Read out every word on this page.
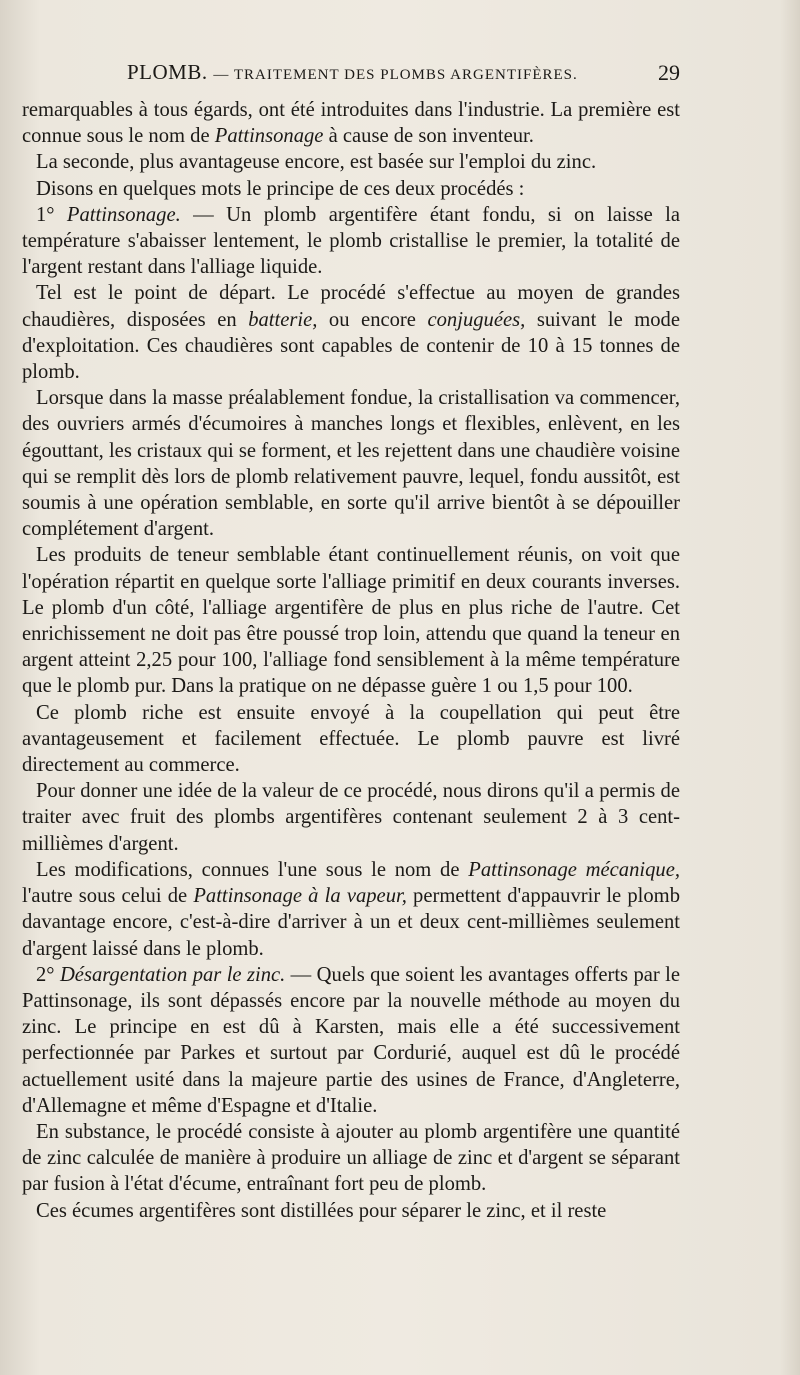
PLOMB. — TRAITEMENT DES PLOMBS ARGENTIFÈRES.	29

remarquables à tous égards, ont été introduites dans l'industrie. La première est connue sous le nom de Pattinsonage à cause de son inventeur.

La seconde, plus avantageuse encore, est basée sur l'emploi du zinc.

Disons en quelques mots le principe de ces deux procédés :

1° Pattinsonage. — Un plomb argentifère étant fondu, si on laisse la température s'abaisser lentement, le plomb cristallise le premier, la totalité de l'argent restant dans l'alliage liquide.

Tel est le point de départ. Le procédé s'effectue au moyen de grandes chaudières, disposées en batterie, ou encore conjuguées, suivant le mode d'exploitation. Ces chaudières sont capables de contenir de 10 à 15 tonnes de plomb.

Lorsque dans la masse préalablement fondue, la cristallisation va commencer, des ouvriers armés d'écumoires à manches longs et flexibles, enlèvent, en les égouttant, les cristaux qui se forment, et les rejettent dans une chaudière voisine qui se remplit dès lors de plomb relativement pauvre, lequel, fondu aussitôt, est soumis à une opération semblable, en sorte qu'il arrive bientôt à se dépouiller complétement d'argent.

Les produits de teneur semblable étant continuellement réunis, on voit que l'opération répartit en quelque sorte l'alliage primitif en deux courants inverses. Le plomb d'un côté, l'alliage argentifère de plus en plus riche de l'autre. Cet enrichissement ne doit pas être poussé trop loin, attendu que quand la teneur en argent atteint 2,25 pour 100, l'alliage fond sensiblement à la même température que le plomb pur. Dans la pratique on ne dépasse guère 1 ou 1,5 pour 100.

Ce plomb riche est ensuite envoyé à la coupellation qui peut être avantageusement et facilement effectuée. Le plomb pauvre est livré directement au commerce.

Pour donner une idée de la valeur de ce procédé, nous dirons qu'il a permis de traiter avec fruit des plombs argentifères contenant seulement 2 à 3 cent-millièmes d'argent.

Les modifications, connues l'une sous le nom de Pattinsonage mécanique, l'autre sous celui de Pattinsonage à la vapeur, permettent d'appauvrir le plomb davantage encore, c'est-à-dire d'arriver à un et deux cent-millièmes seulement d'argent laissé dans le plomb.

2° Désargentation par le zinc. — Quels que soient les avantages offerts par le Pattinsonage, ils sont dépassés encore par la nouvelle méthode au moyen du zinc. Le principe en est dû à Karsten, mais elle a été successivement perfectionnée par Parkes et surtout par Cordurié, auquel est dû le procédé actuellement usité dans la majeure partie des usines de France, d'Angleterre, d'Allemagne et même d'Espagne et d'Italie.

En substance, le procédé consiste à ajouter au plomb argentifère une quantité de zinc calculée de manière à produire un alliage de zinc et d'argent se séparant par fusion à l'état d'écume, entraînant fort peu de plomb.

Ces écumes argentifères sont distillées pour séparer le zinc, et il reste
